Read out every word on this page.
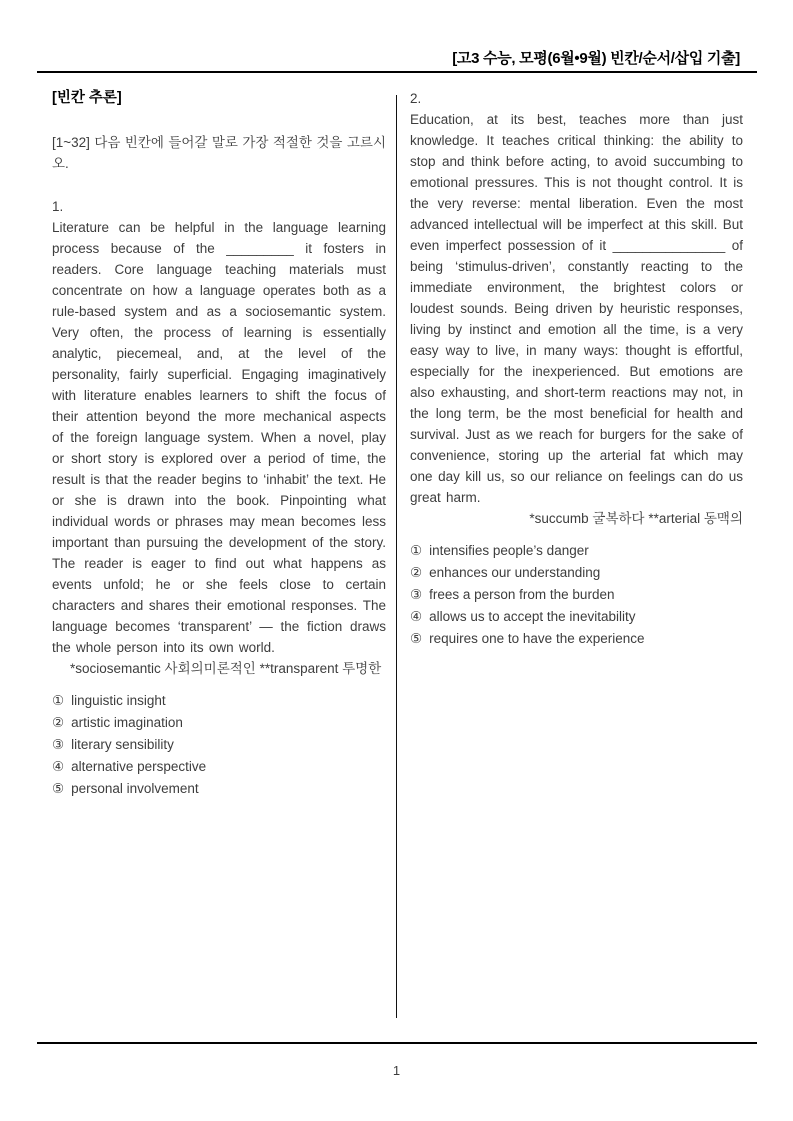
[고3 수능, 모평(6월•9월) 빈칸/순서/삽입 기출]

[빈칸 추론]

[1~32] 다음 빈칸에 들어갈 말로 가장 적절한 것을 고르시오.

1.

Literature can be helpful in the language learning process because of the _________ it fosters in readers. Core language teaching materials must concentrate on how a language operates both as a rule-based system and as a sociosemantic system. Very often, the process of learning is essentially analytic, piecemeal, and, at the level of the personality, fairly superficial. Engaging imaginatively with literature enables learners to shift the focus of their attention beyond the more mechanical aspects of the foreign language system. When a novel, play or short story is explored over a period of time, the result is that the reader begins to ‘inhabit’ the text. He or she is drawn into the book. Pinpointing what individual words or phrases may mean becomes less important than pursuing the development of the story. The reader is eager to find out what happens as events unfold; he or she feels close to certain characters and shares their emotional responses. The language becomes ‘transparent’ — the fiction draws the whole person into its own world.

*sociosemantic 사회의미론적인 **transparent 투명한

① linguistic insight
② artistic imagination
③ literary sensibility
④ alternative perspective
⑤ personal involvement

2.

Education, at its best, teaches more than just knowledge. It teaches critical thinking: the ability to stop and think before acting, to avoid succumbing to emotional pressures. This is not thought control. It is the very reverse: mental liberation. Even the most advanced intellectual will be imperfect at this skill. But even imperfect possession of it _______________ of being ‘stimulus-driven’, constantly reacting to the immediate environment, the brightest colors or loudest sounds. Being driven by heuristic responses, living by instinct and emotion all the time, is a very easy way to live, in many ways: thought is effortful, especially for the inexperienced. But emotions are also exhausting, and short-term reactions may not, in the long term, be the most beneficial for health and survival. Just as we reach for burgers for the sake of convenience, storing up the arterial fat which may one day kill us, so our reliance on feelings can do us great harm.

*succumb 굴복하다 **arterial 동맥의

① intensifies people’s danger
② enhances our understanding
③ frees a person from the burden
④ allows us to accept the inevitability
⑤ requires one to have the experience
1
